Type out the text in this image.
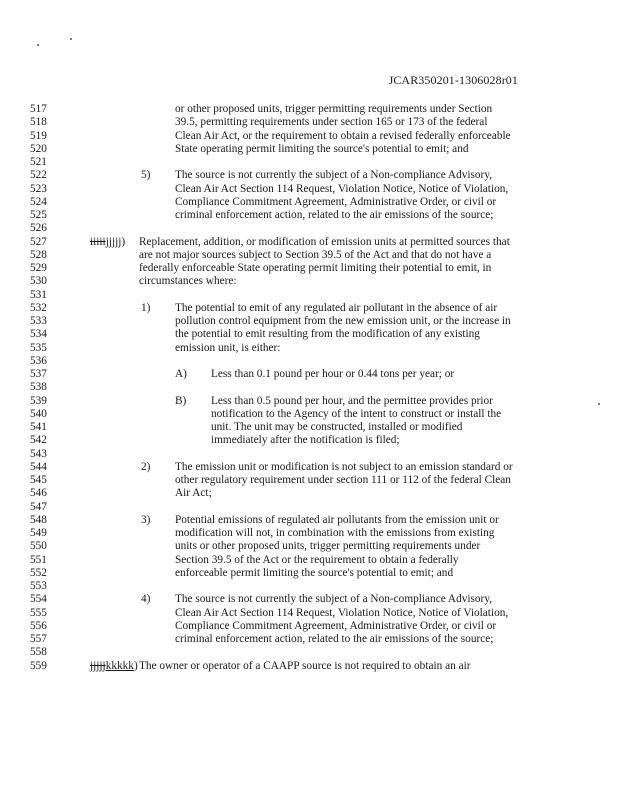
JCAR350201-1306028r01
517	or other proposed units, trigger permitting requirements under Section
518	39.5, permitting requirements under section 165 or 173 of the federal
519	Clean Air Act, or the requirement to obtain a revised federally enforceable
520	State operating permit limiting the source's potential to emit; and
521
522	5) The source is not currently the subject of a Non-compliance Advisory,
523	Clean Air Act Section 114 Request, Violation Notice, Notice of Violation,
524	Compliance Commitment Agreement, Administrative Order, or civil or
525	criminal enforcement action, related to the air emissions of the source;
526
527	iiiiijjjjj) Replacement, addition, or modification of emission units at permitted sources that
528	are not major sources subject to Section 39.5 of the Act and that do not have a
529	federally enforceable State operating permit limiting their potential to emit, in
530	circumstances where:
531
532	1) The potential to emit of any regulated air pollutant in the absence of air
533	pollution control equipment from the new emission unit, or the increase in
534	the potential to emit resulting from the modification of any existing
535	emission unit, is either:
536
537	A) Less than 0.1 pound per hour or 0.44 tons per year; or
538
539	B) Less than 0.5 pound per hour, and the permittee provides prior
540	notification to the Agency of the intent to construct or install the
541	unit. The unit may be constructed, installed or modified
542	immediately after the notification is filed;
543
544	2) The emission unit or modification is not subject to an emission standard or
545	other regulatory requirement under section 111 or 112 of the federal Clean
546	Air Act;
547
548	3) Potential emissions of regulated air pollutants from the emission unit or
549	modification will not, in combination with the emissions from existing
550	units or other proposed units, trigger permitting requirements under
551	Section 39.5 of the Act or the requirement to obtain a federally
552	enforceable permit limiting the source's potential to emit; and
553
554	4) The source is not currently the subject of a Non-compliance Advisory,
555	Clean Air Act Section 114 Request, Violation Notice, Notice of Violation,
556	Compliance Commitment Agreement, Administrative Order, or civil or
557	criminal enforcement action, related to the air emissions of the source;
558
559	jjjjjkkkkk) The owner or operator of a CAAPP source is not required to obtain an air
